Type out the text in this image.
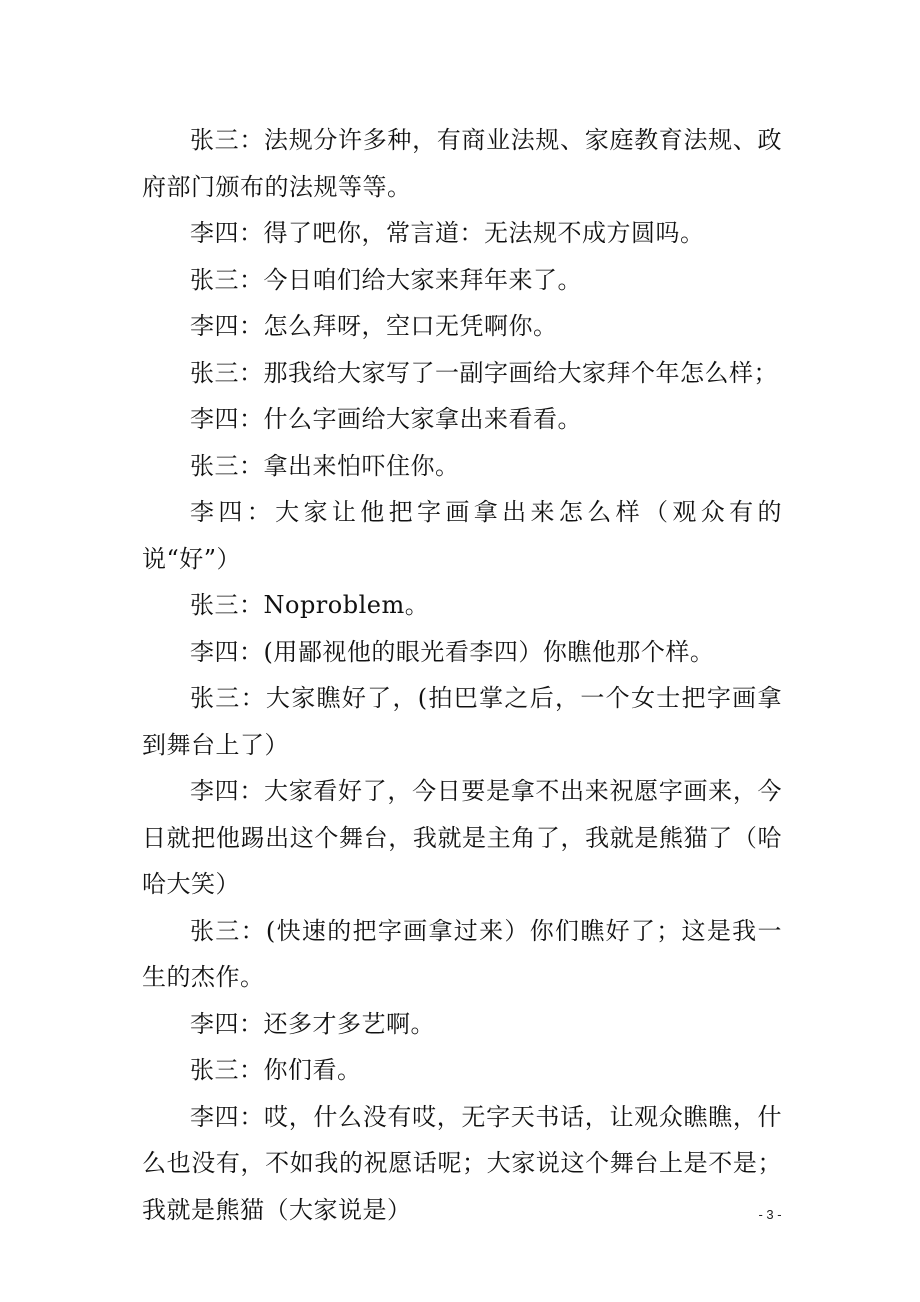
张三：法规分许多种，有商业法规、家庭教育法规、政府部门颁布的法规等等。

李四：得了吧你，常言道：无法规不成方圆吗。

张三：今日咱们给大家来拜年来了。

李四：怎么拜呀，空口无凭啊你。

张三：那我给大家写了一副字画给大家拜个年怎么样；

李四：什么字画给大家拿出来看看。

张三：拿出来怕吓住你。

李四：大家让他把字画拿出来怎么样（观众有的说“好”）

张三：Noproblem。

李四：(用鄙视他的眼光看李四）你瞧他那个样。

张三：大家瞧好了，(拍巴掌之后，一个女士把字画拿到舞台上了）

李四：大家看好了，今日要是拿不出来祝愿字画来，今日就把他踢出这个舞台，我就是主角了，我就是熊猫了（哈哈大笑）

张三：(快速的把字画拿过来）你们瞧好了；这是我一生的杰作。

李四：还多才多艺啊。

张三：你们看。

李四：哎，什么没有哎，无字天书话，让观众瞧瞧，什么也没有，不如我的祝愿话呢；大家说这个舞台上是不是；我就是熊猫（大家说是）	- 3 -
